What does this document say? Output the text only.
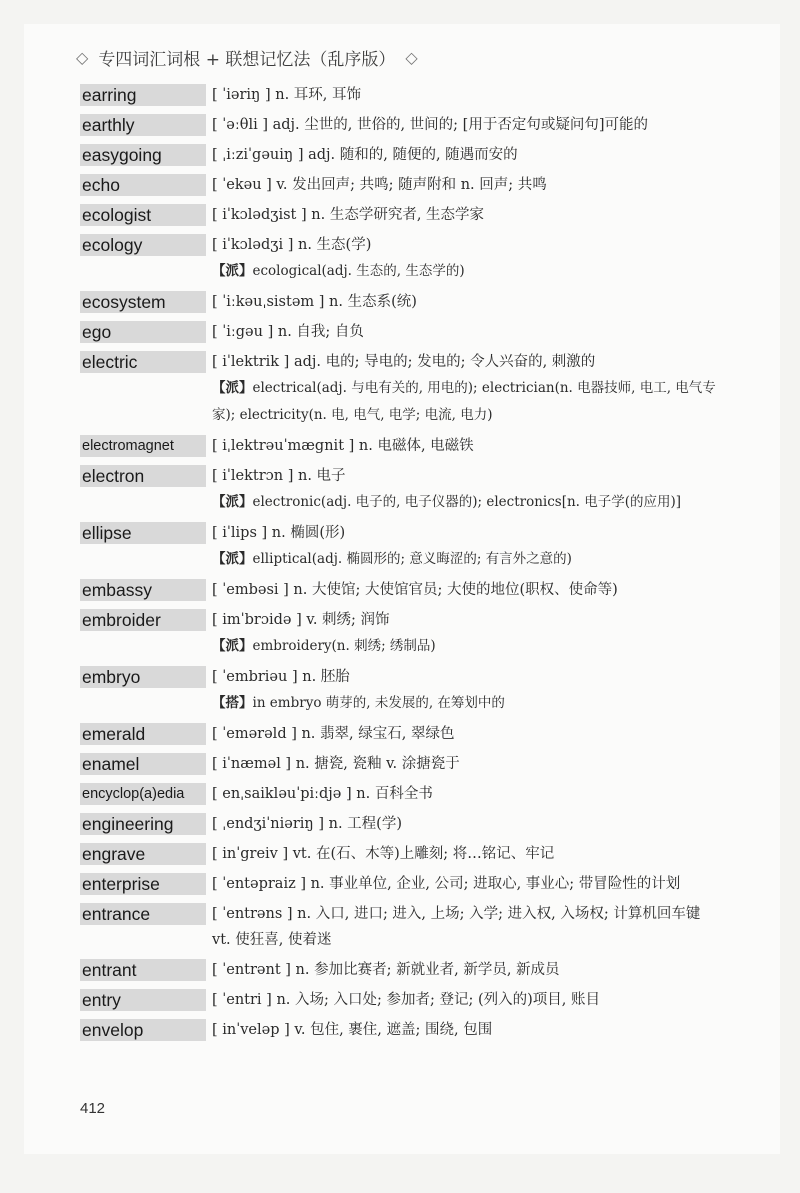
◇ 专四词汇词根 + 联想记忆法（乱序版） ◇
earring	[ ˈiəriŋ ] n. 耳环, 耳饰
earthly	[ ˈəːθli ] adj. 尘世的, 世俗的, 世间的; [用于否定句或疑问句]可能的
easygoing	[ ˌiːziˈgəuiŋ ] adj. 随和的, 随便的, 随遇而安的
echo	[ ˈekəu ] v. 发出回声; 共鸣; 随声附和 n. 回声; 共鸣
ecologist	[ iˈkɔlədʒist ] n. 生态学研究者, 生态学家
ecology	[ iˈkɔlədʒi ] n. 生态(学)
【派】ecological(adj. 生态的, 生态学的)
ecosystem	[ ˈiːkəuˌsistəm ] n. 生态系(统)
ego	[ ˈiːgəu ] n. 自我; 自负
electric	[ iˈlektrik ] adj. 电的; 导电的; 发电的; 令人兴奋的, 刺激的
【派】electrical(adj. 与电有关的, 用电的); electrician(n. 电器技师, 电工, 电气专家); electricity(n. 电, 电气, 电学; 电流, 电力)
electromagnet	[ iˌlektrəuˈmægnit ] n. 电磁体, 电磁铁
electron	[ iˈlektrɔn ] n. 电子
【派】electronic(adj. 电子的, 电子仪器的); electronics[n. 电子学(的应用)]
ellipse	[ iˈlips ] n. 椭圆(形)
【派】elliptical(adj. 椭圆形的; 意义晦涩的; 有言外之意的)
embassy	[ ˈembəsi ] n. 大使馆; 大使馆官员; 大使的地位(职权、使命等)
embroider	[ imˈbrɔidə ] v. 刺绣; 润饰
【派】embroidery(n. 刺绣; 绣制品)
embryo	[ ˈembriəu ] n. 胚胎
【搭】in embryo 萌芽的, 未发展的, 在筹划中的
emerald	[ ˈemərəld ] n. 翡翠, 绿宝石, 翠绿色
enamel	[ iˈnæməl ] n. 搪瓷, 瓷釉 v. 涂搪瓷于
encyclop(a)edia	[ enˌsaikləuˈpiːdjə ] n. 百科全书
engineering	[ ˌendʒiˈniəriŋ ] n. 工程(学)
engrave	[ inˈgreiv ] vt. 在(石、木等)上雕刻; 将…铭记、牢记
enterprise	[ ˈentəpraiz ] n. 事业单位, 企业, 公司; 进取心, 事业心; 带冒险性的计划
entrance	[ ˈentrəns ] n. 入口, 进口; 进入, 上场; 入学; 进入权, 入场权; 计算机回车键 vt. 使狂喜, 使着迷
entrant	[ ˈentrənt ] n. 参加比赛者; 新就业者, 新学员, 新成员
entry	[ ˈentri ] n. 入场; 入口处; 参加者; 登记; (列入的)项目, 账目
envelop	[ inˈveləp ] v. 包住, 裹住, 遮盖; 围绕, 包围
412
